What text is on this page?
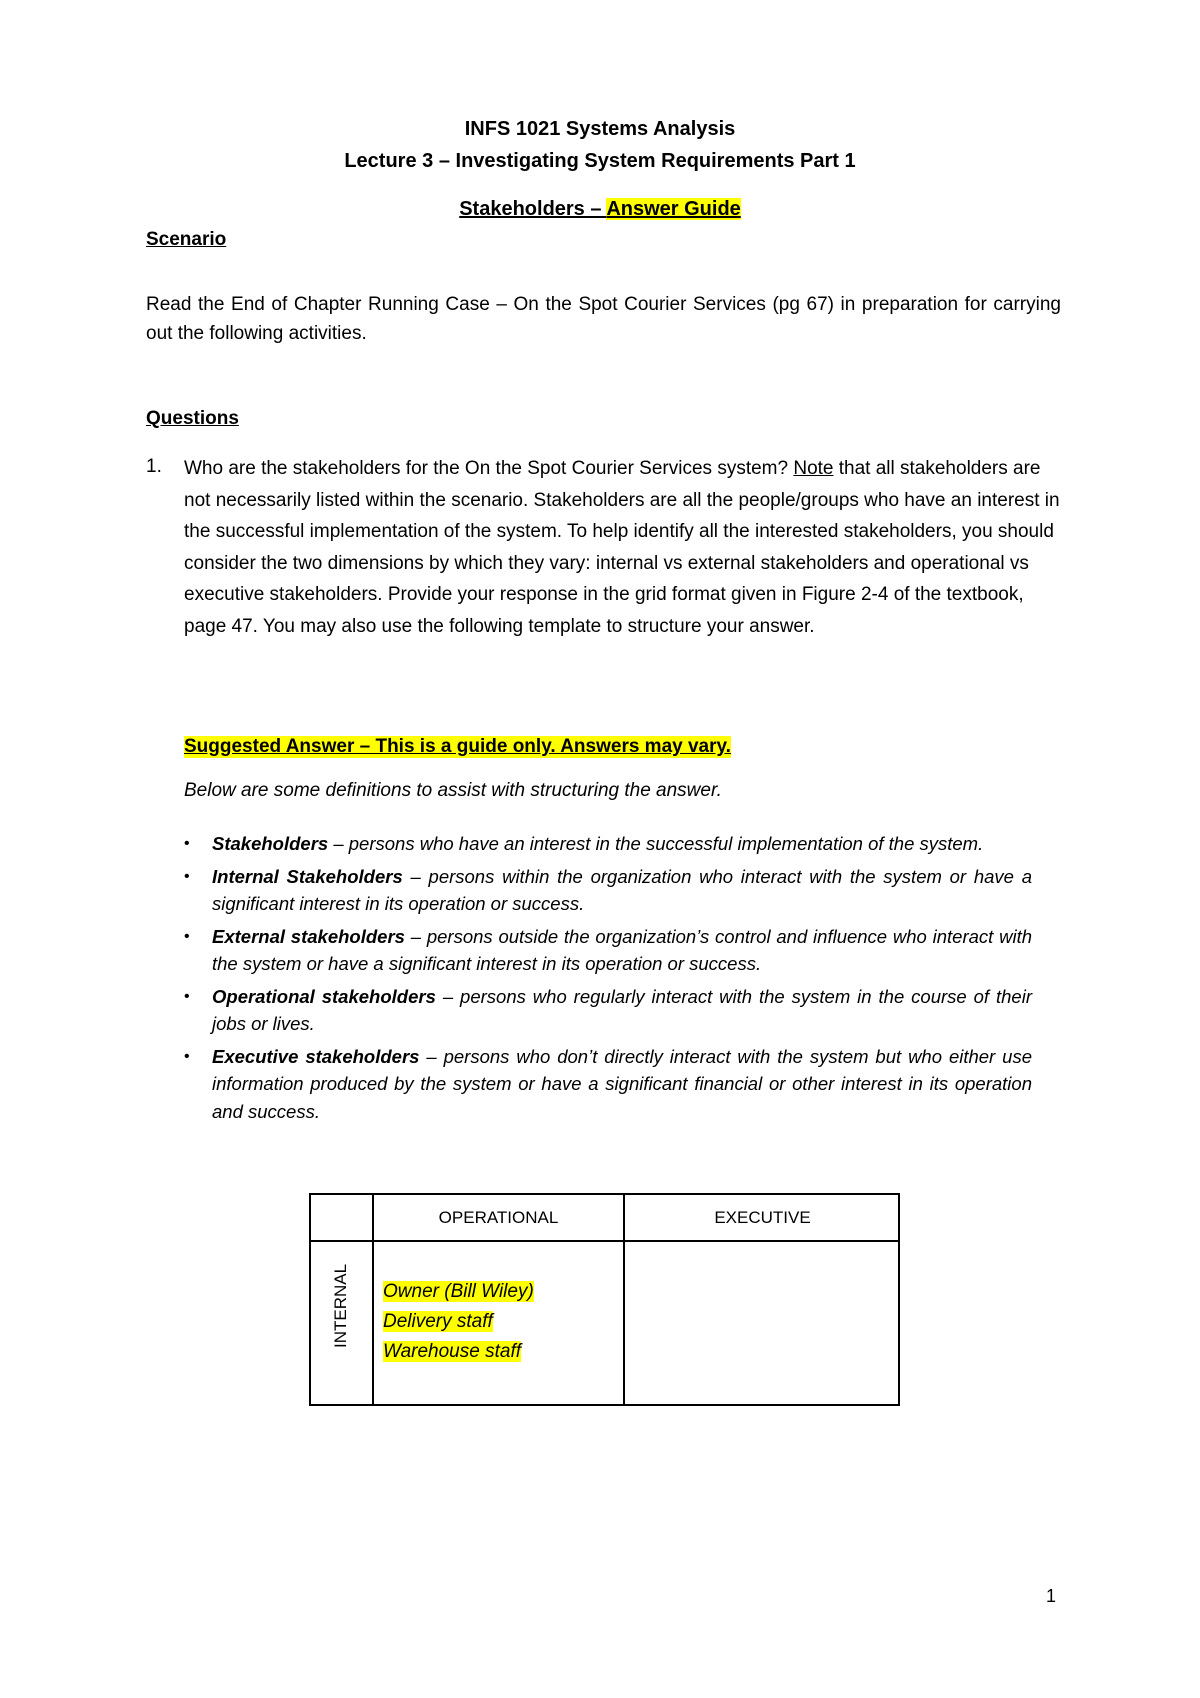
INFS 1021 Systems Analysis
Lecture 3 – Investigating System Requirements Part 1
Stakeholders – Answer Guide
Scenario
Read the End of Chapter Running Case – On the Spot Courier Services (pg 67) in preparation for carrying out the following activities.
Questions
1. Who are the stakeholders for the On the Spot Courier Services system? Note that all stakeholders are not necessarily listed within the scenario. Stakeholders are all the people/groups who have an interest in the successful implementation of the system. To help identify all the interested stakeholders, you should consider the two dimensions by which they vary: internal vs external stakeholders and operational vs executive stakeholders. Provide your response in the grid format given in Figure 2-4 of the textbook, page 47. You may also use the following template to structure your answer.
Suggested Answer – This is a guide only. Answers may vary.
Below are some definitions to assist with structuring the answer.
• Stakeholders – persons who have an interest in the successful implementation of the system.
• Internal Stakeholders – persons within the organization who interact with the system or have a significant interest in its operation or success.
• External stakeholders – persons outside the organization’s control and influence who interact with the system or have a significant interest in its operation or success.
• Operational stakeholders – persons who regularly interact with the system in the course of their jobs or lives.
• Executive stakeholders – persons who don’t directly interact with the system but who either use information produced by the system or have a significant financial or other interest in its operation and success.
OPERATIONAL	EXECUTIVE
INTERNAL Owner (Bill Wiley)
Delivery staff
Warehouse staff
1
